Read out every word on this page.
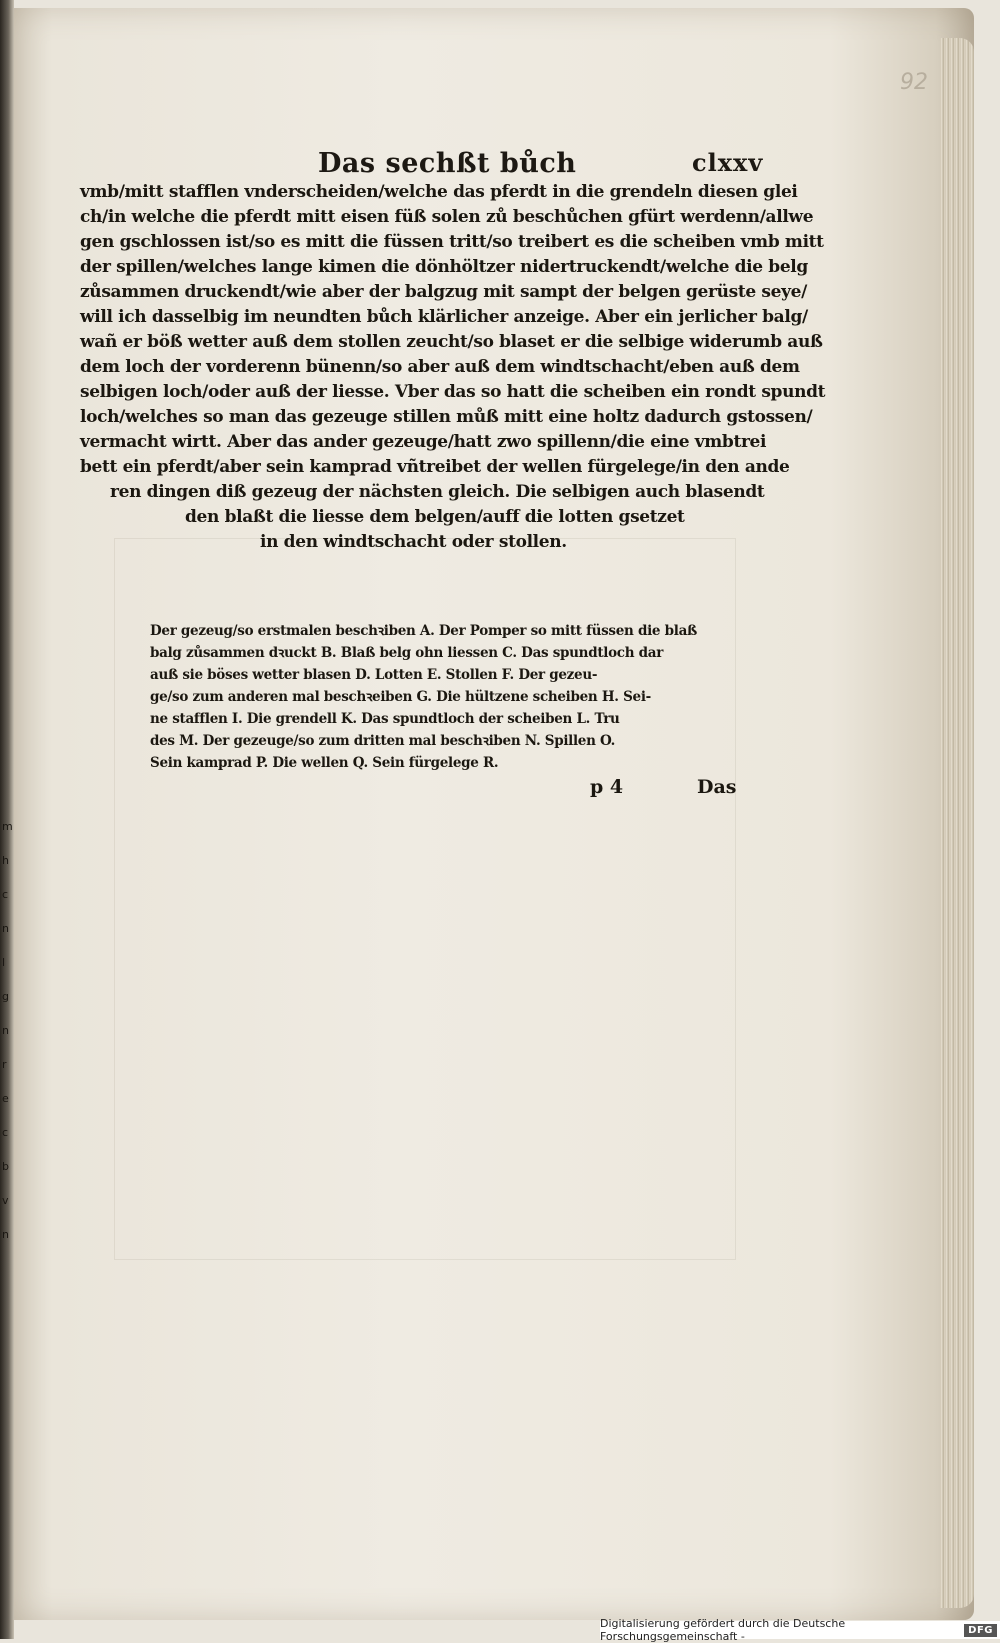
m
h
c
n
l
g
n
r
e
c
b
v
n
92
Das sechßt bůch	clxxv
vmb/mitt stafflen vnderscheiden/welche das pferdt in die grendeln diesen glei
ch/in welche die pferdt mitt eisen füß solen zů beschůchen gfürt werdenn/allwe
gen gschlossen ist/so es mitt die füssen tritt/so treibert es die scheiben vmb mitt
der spillen/welches lange kimen die dönhöltzer nidertruckendt/welche die belg
zůsammen druckendt/wie aber der balgzug mit sampt der belgen gerüste seye/
will ich dasselbig im neundten bůch klärlicher anzeige. Aber ein jerlicher balg/
wañ er böß wetter auß dem stollen zeucht/so blaset er die selbige widerumb auß
dem loch der vorderenn bünenn/so aber auß dem windtschacht/eben auß dem
selbigen loch/oder auß der liesse. Vber das so hatt die scheiben ein rondt spundt
loch/welches so man das gezeuge stillen můß mitt eine holtz dadurch gstossen/
vermacht wirtt. Aber das ander gezeuge/hatt zwo spillenn/die eine vmbtrei
bett ein pferdt/aber sein kamprad vñtreibet der wellen fürgelege/in den ande
ren dingen diß gezeug der nächsten gleich. Die selbigen auch blasendt
den blaßt die liesse dem belgen/auff die lotten gsetzet
in den windtschacht oder stollen.
Der gezeug/so erstmalen beschꝛiben A. Der Pomper so mitt füssen die blaß
balg zůsammen dꝛuckt B. Blaß belg ohn liessen C. Das spundtloch dar
auß sie böses wetter blasen D. Lotten E. Stollen F. Der gezeu-
ge/so zum anderen mal beschꝛeiben G. Die hültzene scheiben H. Sei-
ne stafflen I. Die grendell K. Das spundtloch der scheiben L. Tru
des M. Der gezeuge/so zum dritten mal beschꝛiben N. Spillen O.
Sein kamprad P. Die wellen Q. Sein fürgelege R.
p 4	Das
Digitalisierung gefördert durch die Deutsche Forschungsgemeinschaft -	DFG
